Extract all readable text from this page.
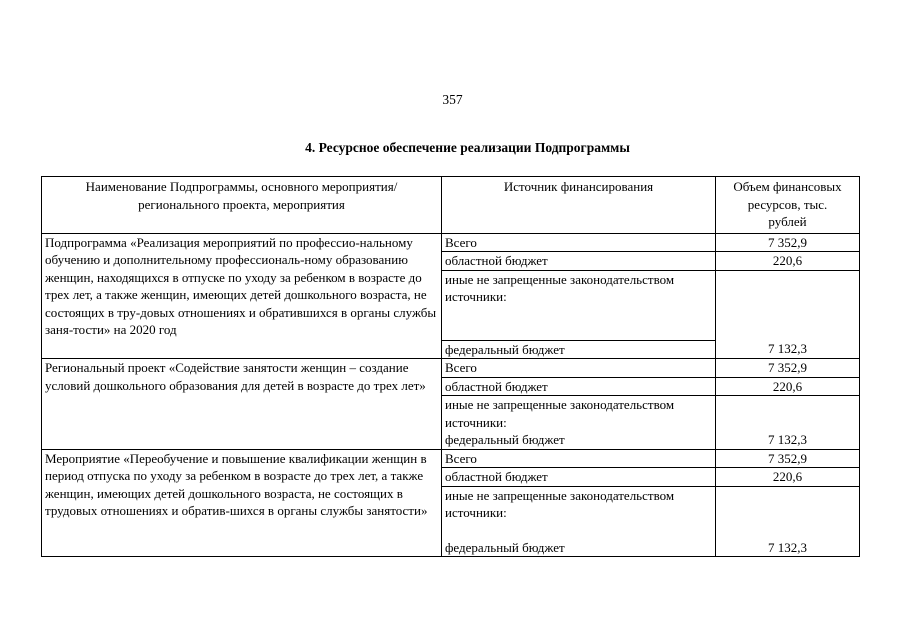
357
4. Ресурсное обеспечение реализации Подпрограммы
Наименование Подпрограммы, основного мероприятия/ регионального проекта, мероприятия	Источник финансирования	Объем финансовых ресурсов, тыс. рублей
Подпрограмма «Реализация мероприятий по профессио-нальному обучению и дополнительному профессиональ-ному образованию женщин, находящихся в отпуске по уходу за ребенком в возрасте до трех лет, а также женщин, имеющих детей дошкольного возраста, не состоящих в тру-довых отношениях и обратившихся в органы службы заня-тости» на 2020 год	Всего	7 352,9
	областной бюджет	220,6
	иные не запрещенные законодательством источники:	
	федеральный бюджет	7 132,3
Региональный проект «Содействие занятости женщин – создание условий дошкольного образования для детей в возрасте до трех лет»	Всего	7 352,9
	областной бюджет	220,6
	иные не запрещенные законодательством источники:	
	федеральный бюджет	7 132,3
Мероприятие «Переобучение и повышение квалификации женщин в период отпуска по уходу за ребенком в возрасте до трех лет, а также женщин, имеющих детей дошкольного возраста, не состоящих в трудовых отношениях и обратив-шихся в органы службы занятости»	Всего	7 352,9
	областной бюджет	220,6
	иные не запрещенные законодательством источники:	
	федеральный бюджет	7 132,3
